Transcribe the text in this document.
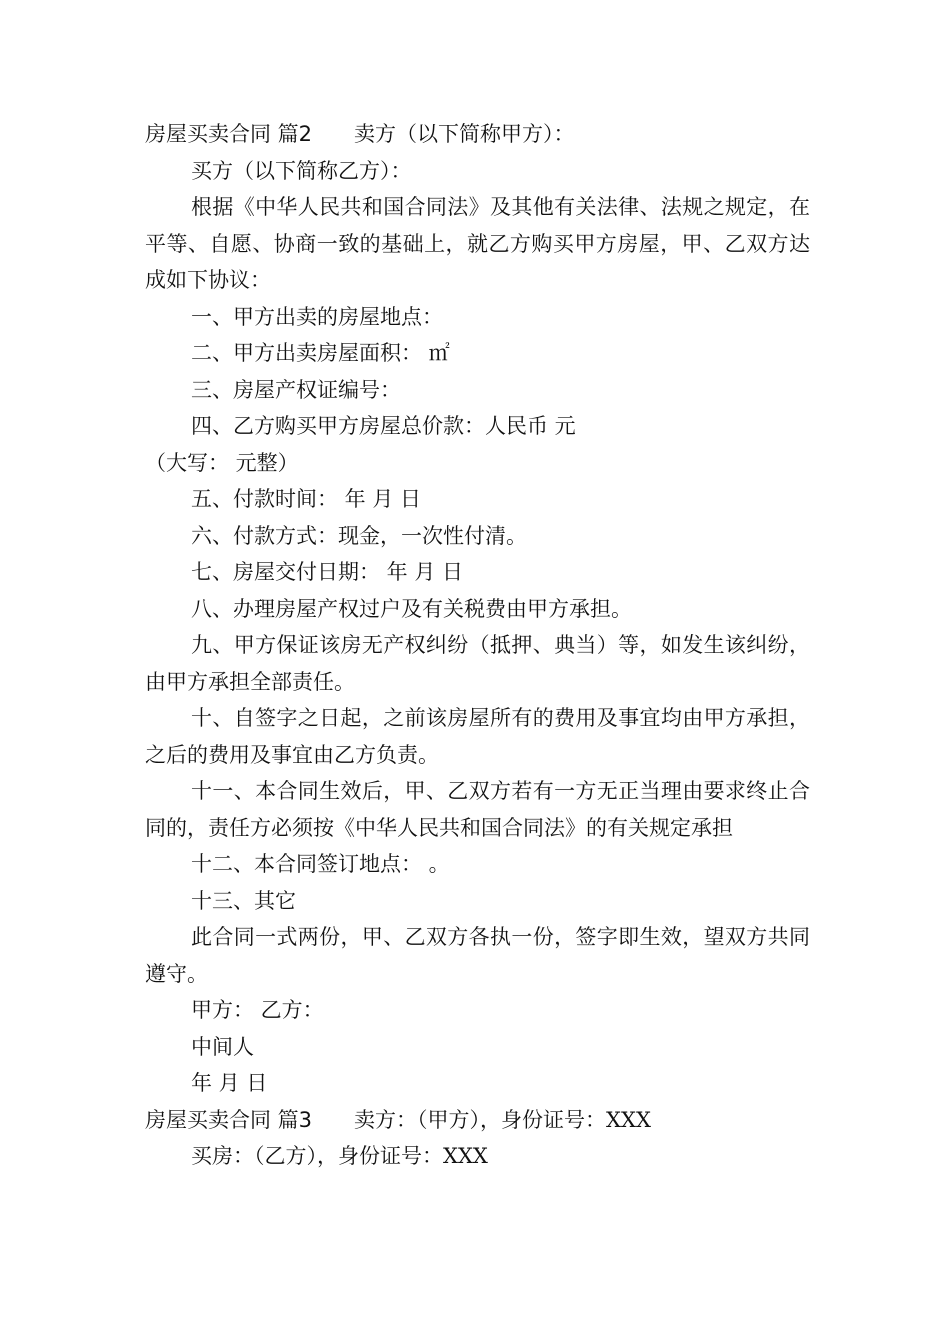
房屋买卖合同 篇2 卖方（以下简称甲方）：

买方（以下简称乙方）：

根据《中华人民共和国合同法》及其他有关法律、法规之规定，在平等、自愿、协商一致的基础上，就乙方购买甲方房屋，甲、乙双方达成如下协议：

一、甲方出卖的房屋地点：

二、甲方出卖房屋面积： ㎡

三、房屋产权证编号：

四、乙方购买甲方房屋总价款：人民币 元

（大写： 元整）

五、付款时间： 年 月 日

六、付款方式：现金，一次性付清。

七、房屋交付日期： 年 月 日

八、办理房屋产权过户及有关税费由甲方承担。

九、甲方保证该房无产权纠纷（抵押、典当）等，如发生该纠纷，由甲方承担全部责任。

十、自签字之日起，之前该房屋所有的费用及事宜均由甲方承担，之后的费用及事宜由乙方负责。

十一、本合同生效后，甲、乙双方若有一方无正当理由要求终止合同的，责任方必须按《中华人民共和国合同法》的有关规定承担

十二、本合同签订地点： 。

十三、其它

此合同一式两份，甲、乙双方各执一份，签字即生效，望双方共同遵守。

甲方： 乙方：

中间人

年 月 日

房屋买卖合同 篇3 卖方：（甲方），身份证号：XXX

买房：（乙方），身份证号：XXX
